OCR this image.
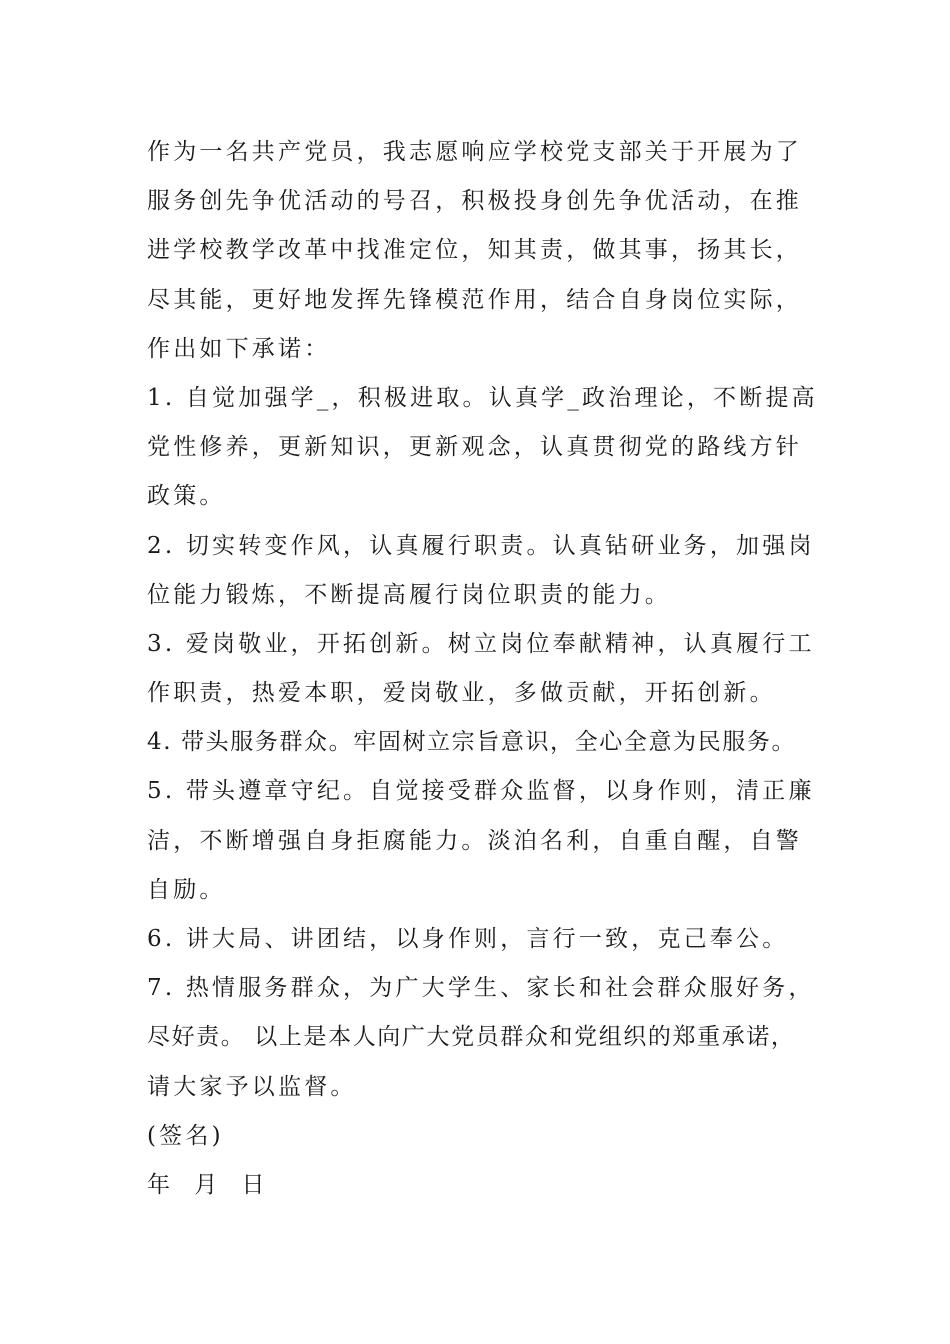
作为一名共产党员，我志愿响应学校党支部关于开展为了
服务创先争优活动的号召，积极投身创先争优活动，在推
进学校教学改革中找准定位，知其责，做其事，扬其长，
尽其能，更好地发挥先锋模范作用，结合自身岗位实际，
作出如下承诺：
1. 自觉加强学_，积极进取。认真学_政治理论，不断提高
党性修养，更新知识，更新观念，认真贯彻党的路线方针
政策。
2. 切实转变作风，认真履行职责。认真钻研业务，加强岗
位能力锻炼，不断提高履行岗位职责的能力。
3. 爱岗敬业，开拓创新。树立岗位奉献精神，认真履行工
作职责，热爱本职，爱岗敬业，多做贡献，开拓创新。
4. 带头服务群众。牢固树立宗旨意识，全心全意为民服务。
5. 带头遵章守纪。自觉接受群众监督，以身作则，清正廉
洁，不断增强自身拒腐能力。淡泊名利，自重自醒，自警
自励。
6. 讲大局、讲团结，以身作则，言行一致，克己奉公。
7. 热情服务群众，为广大学生、家长和社会群众服好务，
尽好责。 以上是本人向广大党员群众和党组织的郑重承诺，
请大家予以监督。
(签名)
年  月  日
